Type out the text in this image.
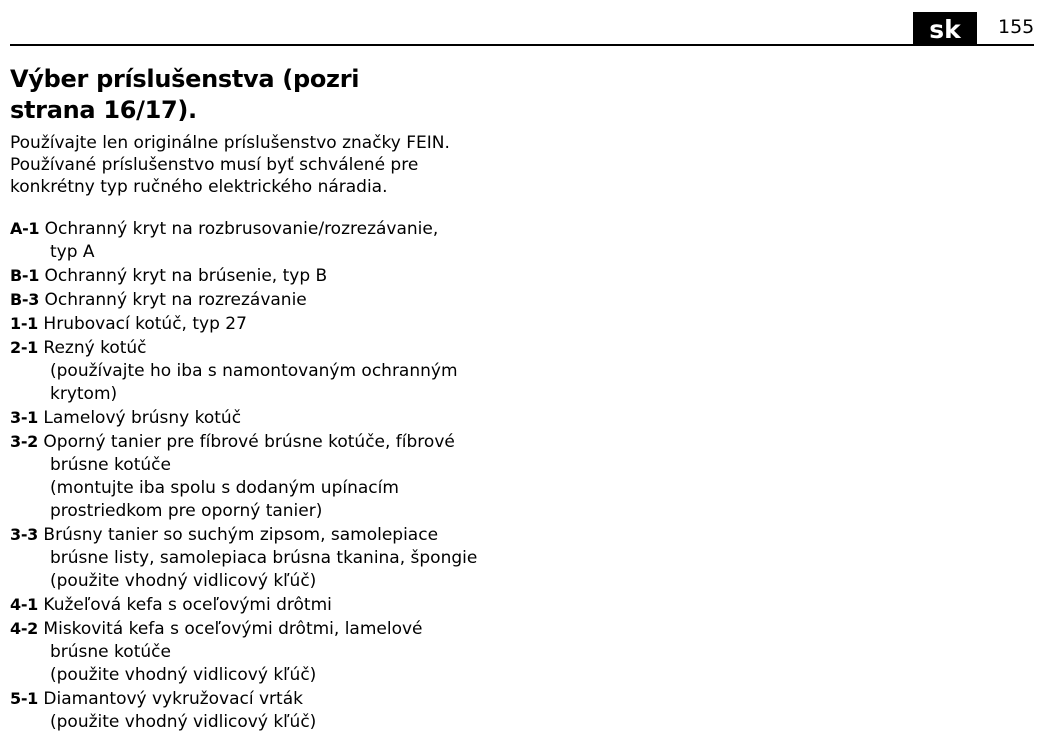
sk	155
Výber príslušenstva (pozri
strana 16/17).

Používajte len originálne príslušenstvo značky FEIN.
Používané príslušenstvo musí byť schválené pre
konkrétny typ ručného elektrického náradia.

A-1 Ochranný kryt na rozbrusovanie/rozrezávanie,
typ A
B-1 Ochranný kryt na brúsenie, typ B
B-3 Ochranný kryt na rozrezávanie
1-1 Hrubovací kotúč, typ 27
2-1 Rezný kotúč
(používajte ho iba s namontovaným ochranným
krytom)
3-1 Lamelový brúsny kotúč
3-2 Oporný tanier pre fíbrové brúsne kotúče, fíbrové
brúsne kotúče
(montujte iba spolu s dodaným upínacím
prostriedkom pre oporný tanier)
3-3 Brúsny tanier so suchým zipsom, samolepiace
brúsne listy, samolepiaca brúsna tkanina, špongie
(použite vhodný vidlicový kľúč)
4-1 Kužeľová kefa s oceľovými drôtmi
4-2 Miskovitá kefa s oceľovými drôtmi, lamelové
brúsne kotúče
(použite vhodný vidlicový kľúč)
5-1 Diamantový vykružovací vrták
(použite vhodný vidlicový kľúč)
